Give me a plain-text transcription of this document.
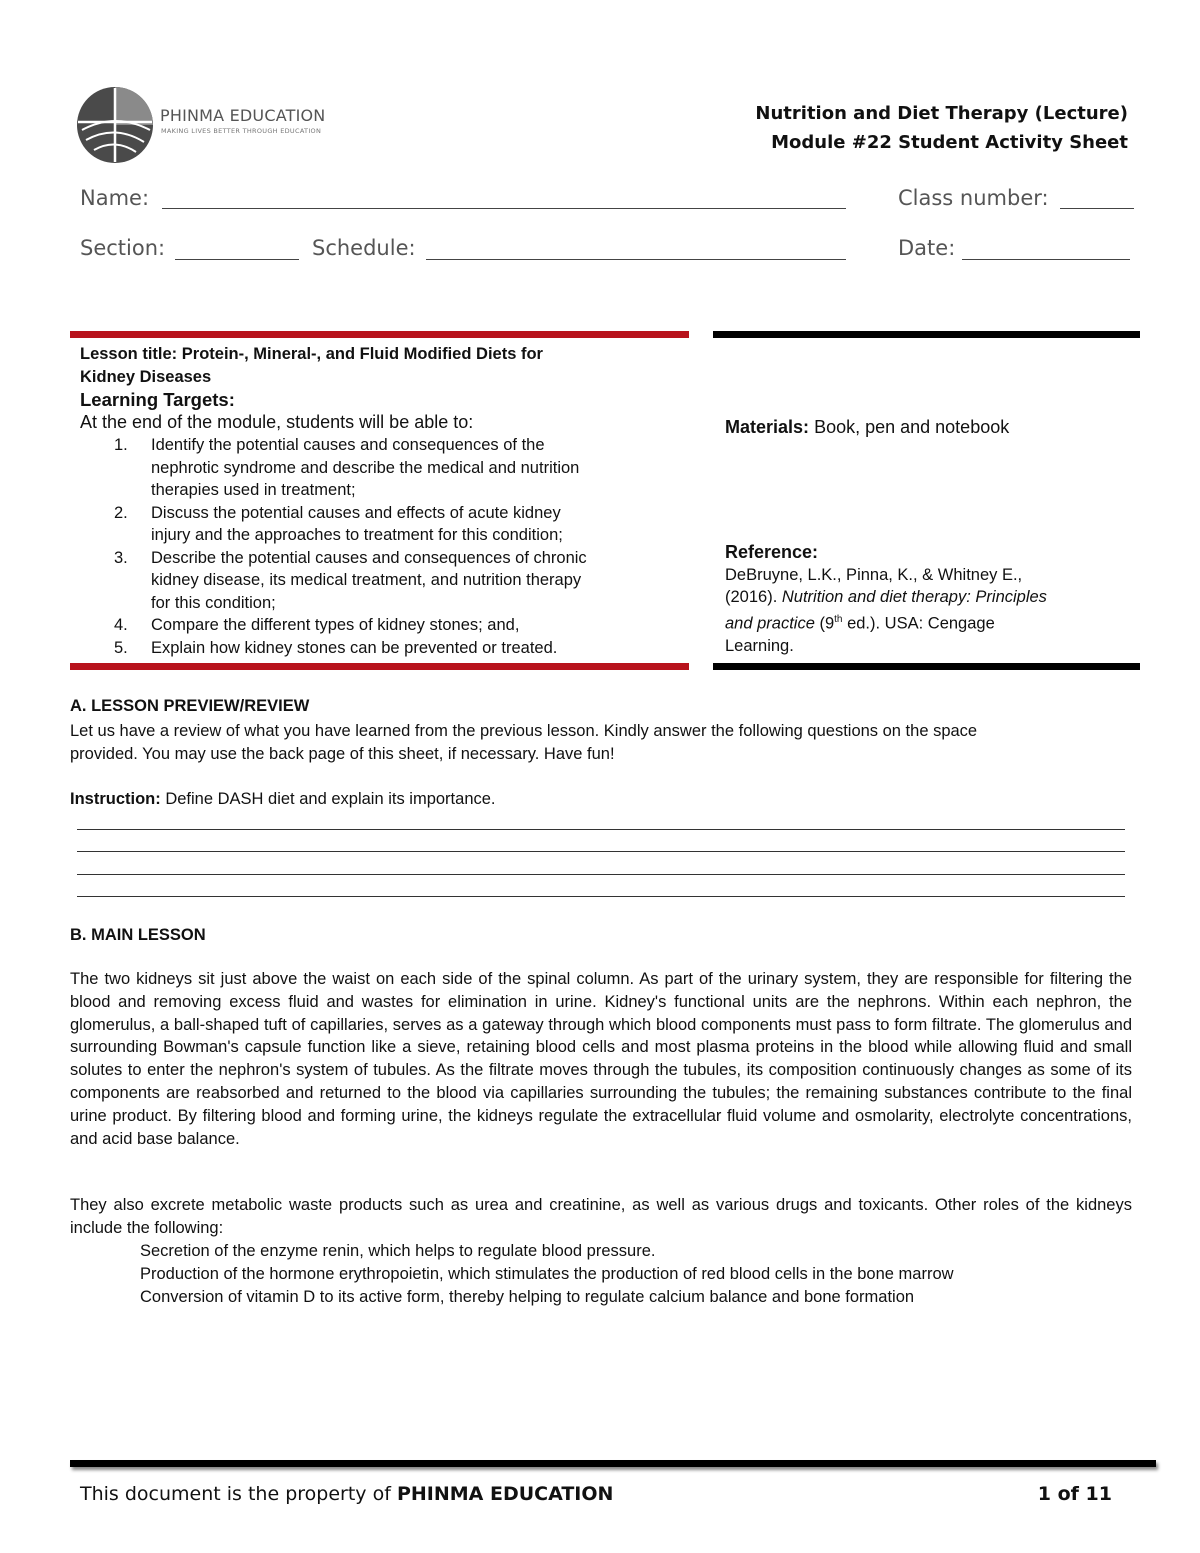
PHINMA EDUCATION
MAKING LIVES BETTER THROUGH EDUCATION
Nutrition and Diet Therapy (Lecture)
Module #22 Student Activity Sheet
Name:	Class number:
Section:	Schedule:	Date:
Lesson title: Protein-, Mineral-, and Fluid Modified Diets for
Kidney Diseases
Learning Targets:
At the end of the module, students will be able to:
1. Identify the potential causes and consequences of the
nephrotic syndrome and describe the medical and nutrition
therapies used in treatment;
2. Discuss the potential causes and effects of acute kidney
injury and the approaches to treatment for this condition;
3. Describe the potential causes and consequences of chronic
kidney disease, its medical treatment, and nutrition therapy
for this condition;
4. Compare the different types of kidney stones; and,
5. Explain how kidney stones can be prevented or treated.
Materials: Book, pen and notebook
Reference:
DeBruyne, L.K., Pinna, K., & Whitney E.,
(2016). Nutrition and diet therapy: Principles
and practice (9th ed.). USA: Cengage
Learning.
A. LESSON PREVIEW/REVIEW
Let us have a review of what you have learned from the previous lesson. Kindly answer the following questions on the space
provided. You may use the back page of this sheet, if necessary. Have fun!
Instruction: Define DASH diet and explain its importance.
B. MAIN LESSON
The two kidneys sit just above the waist on each side of the spinal column. As part of the urinary system, they are responsible for filtering the blood and removing excess fluid and wastes for elimination in urine. Kidney's functional units are the nephrons. Within each nephron, the glomerulus, a ball-shaped tuft of capillaries, serves as a gateway through which blood components must pass to form filtrate. The glomerulus and surrounding Bowman's capsule function like a sieve, retaining blood cells and most plasma proteins in the blood while allowing fluid and small solutes to enter the nephron's system of tubules. As the filtrate moves through the tubules, its composition continuously changes as some of its components are reabsorbed and returned to the blood via capillaries surrounding the tubules; the remaining substances contribute to the final urine product. By filtering blood and forming urine, the kidneys regulate the extracellular fluid volume and osmolarity, electrolyte concentrations, and acid base balance.
They also excrete metabolic waste products such as urea and creatinine, as well as various drugs and toxicants. Other roles of the kidneys include the following:
Secretion of the enzyme renin, which helps to regulate blood pressure.
Production of the hormone erythropoietin, which stimulates the production of red blood cells in the bone marrow
Conversion of vitamin D to its active form, thereby helping to regulate calcium balance and bone formation
This document is the property of PHINMA EDUCATION	1 of 11
